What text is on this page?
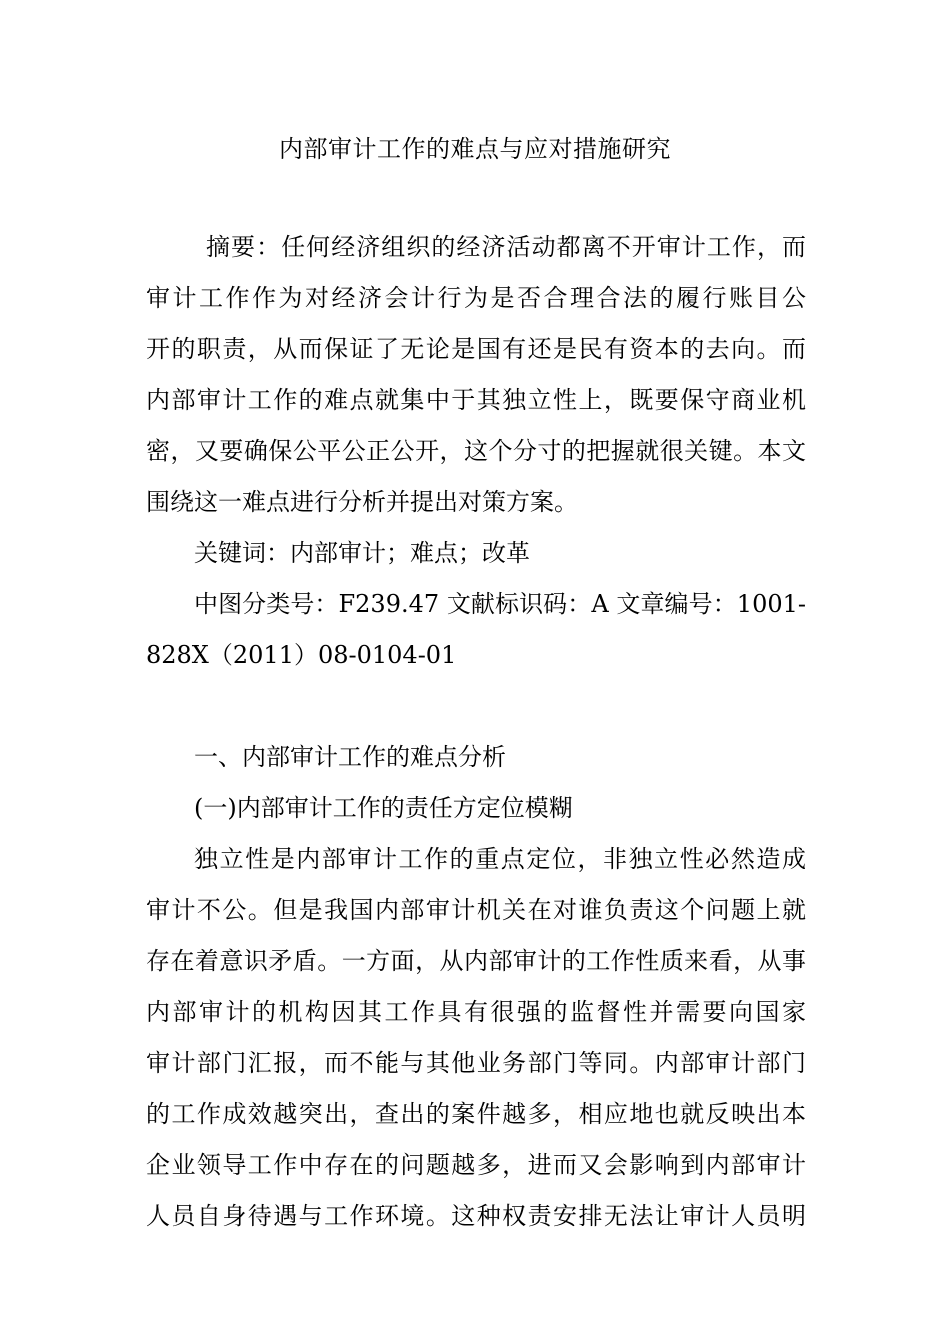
内部审计工作的难点与应对措施研究
摘要：任何经济组织的经济活动都离不开审计工作，而
审计工作作为对经济会计行为是否合理合法的履行账目公
开的职责，从而保证了无论是国有还是民有资本的去向。而
内部审计工作的难点就集中于其独立性上，既要保守商业机
密，又要确保公平公正公开，这个分寸的把握就很关键。本文
围绕这一难点进行分析并提出对策方案。
关键词：内部审计；难点；改革
中图分类号：F239.47 文献标识码：A 文章编号：1001-
828X（2011）08-0104-01
一、内部审计工作的难点分析
(一)内部审计工作的责任方定位模糊
独立性是内部审计工作的重点定位，非独立性必然造成
审计不公。但是我国内部审计机关在对谁负责这个问题上就
存在着意识矛盾。一方面，从内部审计的工作性质来看，从事
内部审计的机构因其工作具有很强的监督性并需要向国家
审计部门汇报，而不能与其他业务部门等同。内部审计部门
的工作成效越突出，查出的案件越多，相应地也就反映出本
企业领导工作中存在的问题越多，进而又会影响到内部审计
人员自身待遇与工作环境。这种权责安排无法让审计人员明
